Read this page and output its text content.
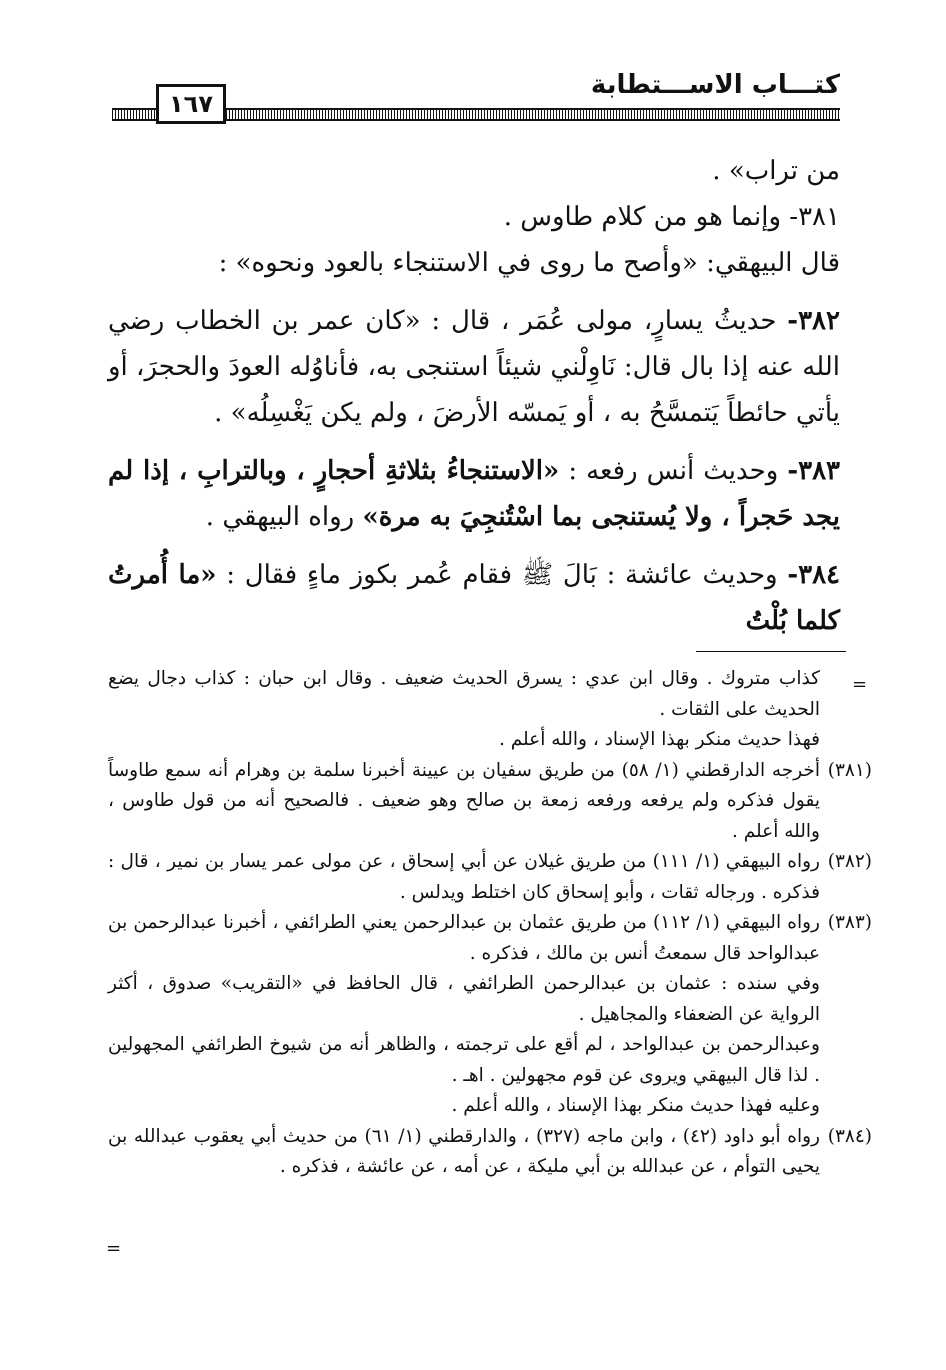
كتـــاب الاســـتطابة
١٦٧

من تراب» .

٣٨١- وإنما هو من كلام طاوس .

قال البيهقي: «وأصح ما روى في الاستنجاء بالعود ونحوه» :

٣٨٢- حديثُ يسارٍ، مولى عُمَر ، قال : «كان عمر بن الخطاب رضي الله عنه إذا بال قال: نَاوِلْني شيئاً استنجى به، فأناوُله العودَ والحجرَ، أو يأتي حائطاً يَتمسَّحُ به ، أو يَمسّه الأرضَ ، ولم يكن يَغْسِلُه» .

٣٨٣- وحديث أنس رفعه : «الاستنجاءُ بثلاثةِ أحجارٍ ، وبالترابِ ، إذا لم يجد حَجراً ، ولا يُستنجى بما اسْتُنجِيَ به مرة» رواه البيهقي .

٣٨٤- وحديث عائشة : بَالَ ﷺ فقام عُمر بكوز ماءٍ فقال : «ما أُمرتُ كلما بُلْتُ

=
كذاب متروك . وقال ابن عدي : يسرق الحديث ضعيف . وقال ابن حبان : كذاب دجال يضع الحديث على الثقات .
فهذا حديث منكر بهذا الإسناد ، والله أعلم .
(٣٨١)
أخرجه الدارقطني (١/ ٥٨) من طريق سفيان بن عيينة أخبرنا سلمة بن وهرام أنه سمع طاوساً يقول فذكره ولم يرفعه ورفعه زمعة بن صالح وهو ضعيف . فالصحيح أنه من قول طاوس ، والله أعلم .
(٣٨٢)
رواه البيهقي (١/ ١١١) من طريق غيلان عن أبي إسحاق ، عن مولى عمر يسار بن نمير ، قال : فذكره . ورجاله ثقات ، وأبو إسحاق كان اختلط ويدلس .
(٣٨٣)
رواه البيهقي (١/ ١١٢) من طريق عثمان بن عبدالرحمن يعني الطرائفي ، أخبرنا عبدالرحمن بن عبدالواحد قال سمعتُ أنس بن مالك ، فذكره .
وفي سنده : عثمان بن عبدالرحمن الطرائفي ، قال الحافظ في «التقريب» صدوق ، أكثر الرواية عن الضعفاء والمجاهيل .
وعبدالرحمن بن عبدالواحد ، لم أقع على ترجمته ، والظاهر أنه من شيوخ الطرائفي المجهولين . لذا قال البيهقي ويروى عن قوم مجهولين . اهـ .
وعليه فهذا حديث منكر بهذا الإسناد ، والله أعلم .
(٣٨٤)
رواه أبو داود (٤٢) ، وابن ماجه (٣٢٧) ، والدارقطني (١/ ٦١) من حديث أبي يعقوب عبدالله بن يحيى التوأم ، عن عبدالله بن أبي مليكة ، عن أمه ، عن عائشة ، فذكره .
=
